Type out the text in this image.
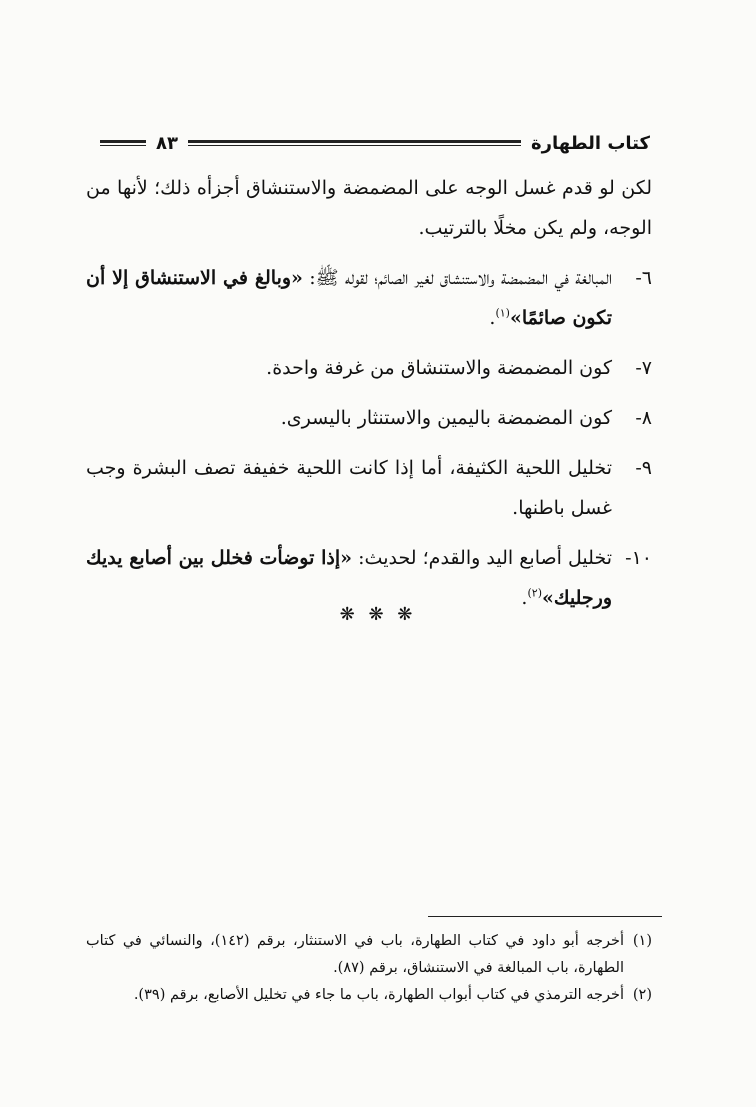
كتاب الطهارة
٨٣

لكن لو قدم غسل الوجه على المضمضة والاستنشاق أجزأه ذلك؛ لأنها من الوجه، ولم يكن مخلًا بالترتيب.

٦-
المبالغة في المضمضة والاستنشاق لغير الصائم؛ لقوله ﷺ: «وبالغ في الاستنشاق إلا أن تكون صائمًا»$^{(١)}$.
٧-
كون المضمضة والاستنشاق من غرفة واحدة.
٨-
كون المضمضة باليمين والاستنثار باليسرى.
٩-
تخليل اللحية الكثيفة، أما إذا كانت اللحية خفيفة تصف البشرة وجب غسل باطنها.
١٠-
تخليل أصابع اليد والقدم؛ لحديث: «إذا توضأت فخلل بين أصابع يديك ورجليك»$^{(٢)}$.
❋ ❋ ❋
(١)
أخرجه أبو داود في كتاب الطهارة، باب في الاستنثار، برقم (١٤٢)، والنسائي في كتاب الطهارة، باب المبالغة في الاستنشاق، برقم (٨٧).
(٢)
أخرجه الترمذي في كتاب أبواب الطهارة، باب ما جاء في تخليل الأصابع، برقم (٣٩).
